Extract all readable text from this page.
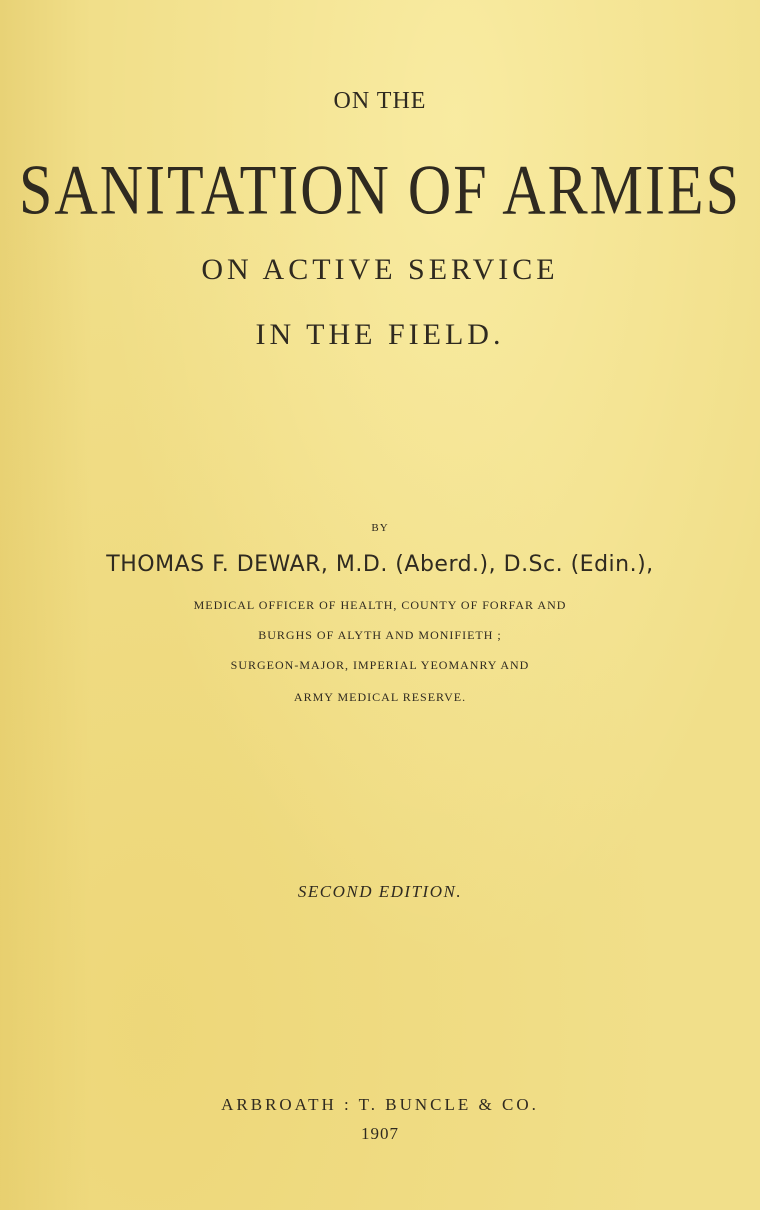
ON THE
SANITATION OF ARMIES
ON ACTIVE SERVICE
IN THE FIELD.
BY
THOMAS F. DEWAR, M.D. (Aberd.), D.Sc. (Edin.),
MEDICAL OFFICER OF HEALTH, COUNTY OF FORFAR AND
BURGHS OF ALYTH AND MONIFIETH ;
SURGEON-MAJOR, IMPERIAL YEOMANRY AND
ARMY MEDICAL RESERVE.
SECOND EDITION.
ARBROATH : T. BUNCLE & CO.
1907
